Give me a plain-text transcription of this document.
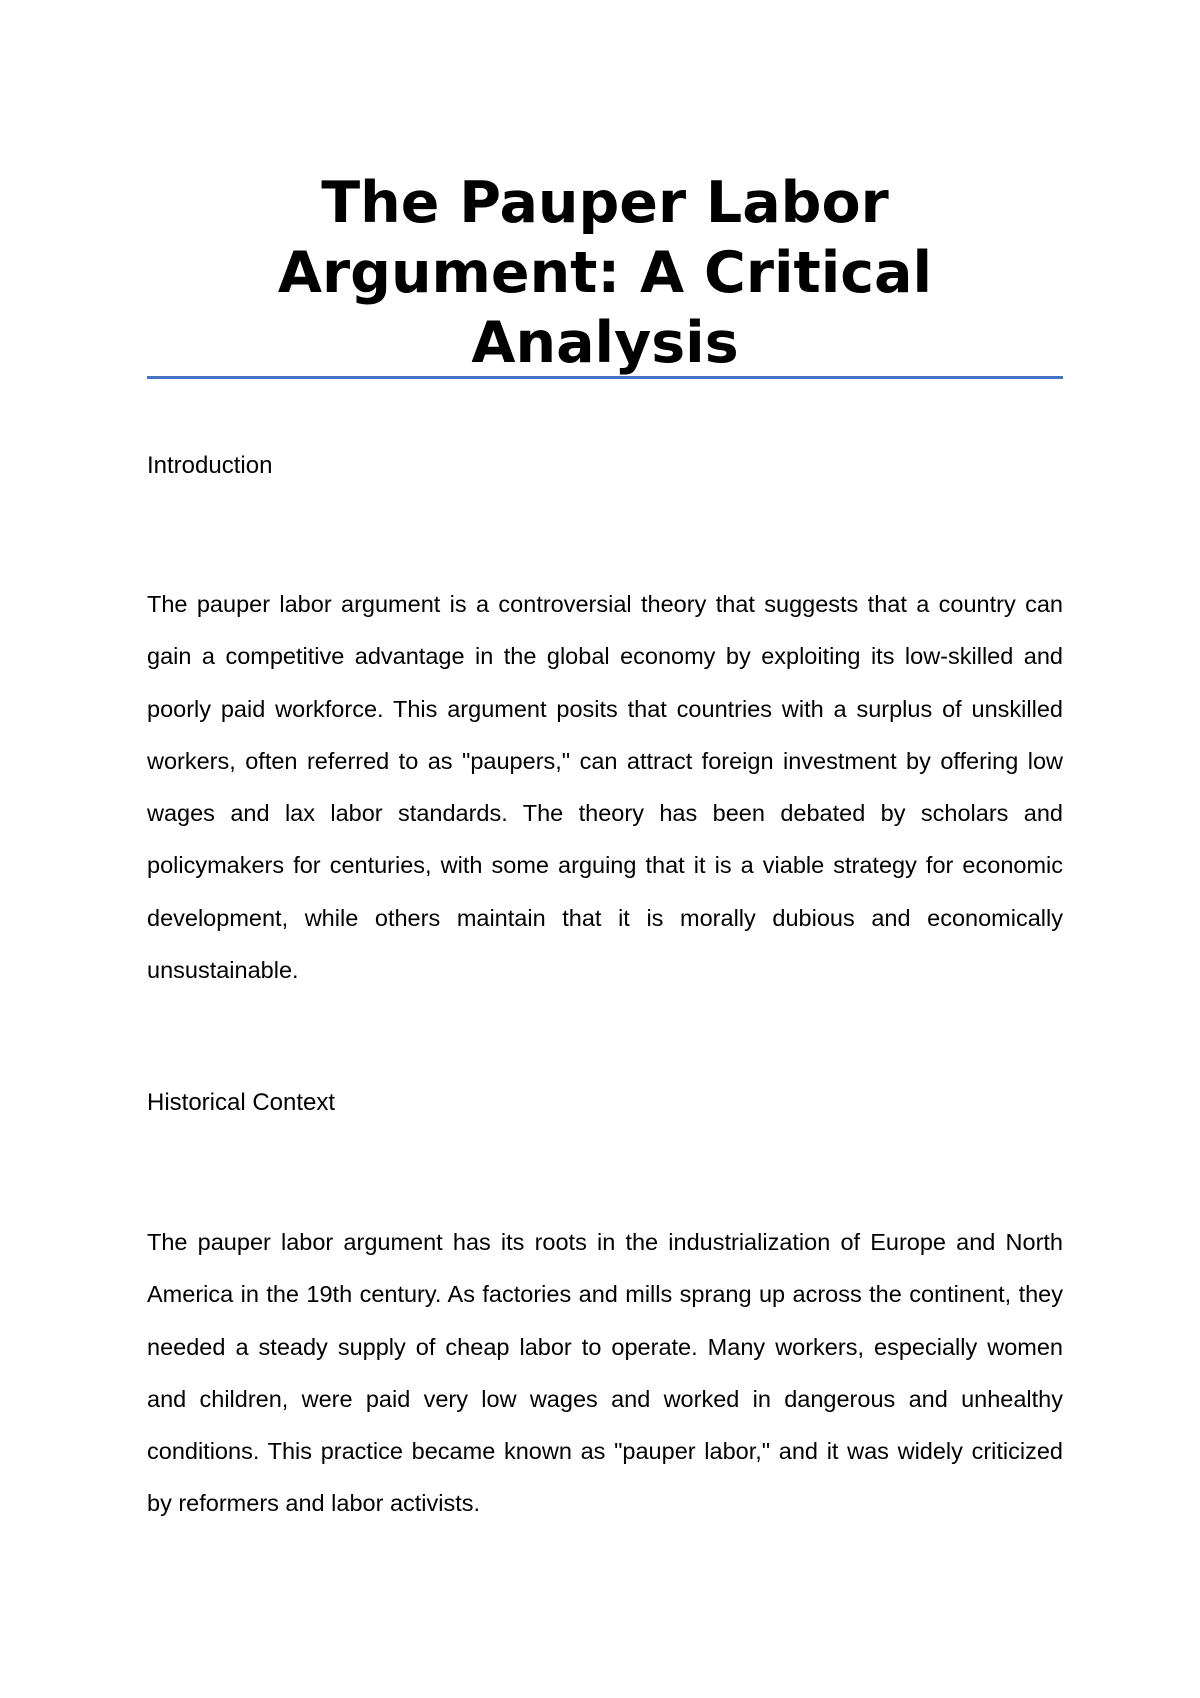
The Pauper Labor Argument: A Critical Analysis
Introduction

The pauper labor argument is a controversial theory that suggests that a country can gain a competitive advantage in the global economy by exploiting its low-skilled and poorly paid workforce. This argument posits that countries with a surplus of unskilled workers, often referred to as "paupers," can attract foreign investment by offering low wages and lax labor standards. The theory has been debated by scholars and policymakers for centuries, with some arguing that it is a viable strategy for economic development, while others maintain that it is morally dubious and economically unsustainable.

Historical Context

The pauper labor argument has its roots in the industrialization of Europe and North America in the 19th century. As factories and mills sprang up across the continent, they needed a steady supply of cheap labor to operate. Many workers, especially women and children, were paid very low wages and worked in dangerous and unhealthy conditions. This practice became known as "pauper labor," and it was widely criticized by reformers and labor activists.
